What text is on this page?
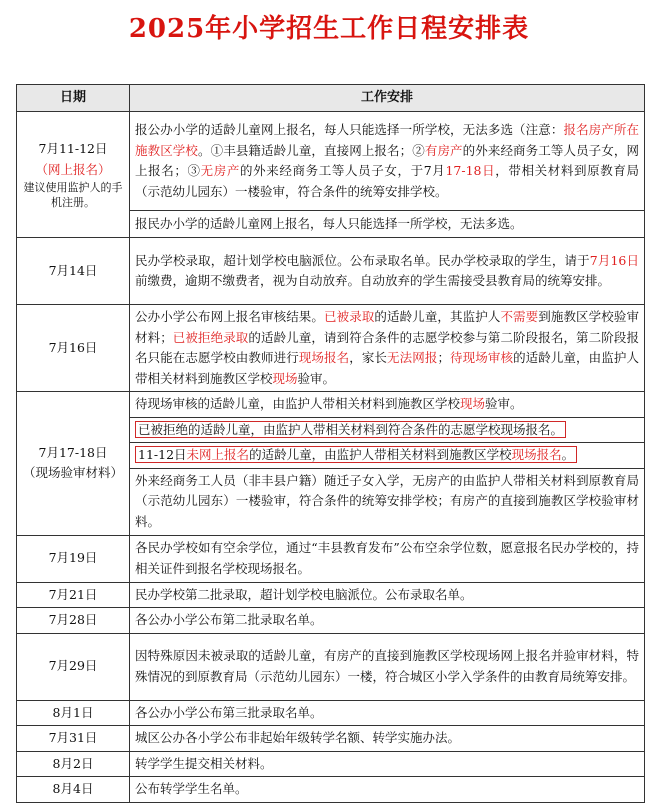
2025年小学招生工作日程安排表
日期	工作安排

7月11-12日
（网上报名）
建议使用监护人的手机注册。	报公办小学的适龄儿童网上报名，每人只能选择一所学校，无法多选（注意：报名房产所在施教区学校。①丰县籍适龄儿童，直接网上报名；②有房产的外来经商务工等人员子女，网上报名；③无房产的外来经商务工等人员子女，于7月17-18日，带相关材料到原教育局（示范幼儿园东）一楼验审，符合条件的统筹安排学校。
	报民办小学的适龄儿童网上报名，每人只能选择一所学校，无法多选。
7月14日	民办学校录取，超计划学校电脑派位。公布录取名单。民办学校录取的学生，请于7月16日前缴费，逾期不缴费者，视为自动放弃。自动放弃的学生需接受县教育局的统筹安排。
7月16日	公办小学公布网上报名审核结果。已被录取的适龄儿童，其监护人不需要到施教区学校验审材料；已被拒绝录取的适龄儿童，请到符合条件的志愿学校参与第二阶段报名，第二阶段报名只能在志愿学校由教师进行现场报名，家长无法网报；待现场审核的适龄儿童，由监护人带相关材料到施教区学校现场验审。

7月17-18日
（现场验审材料）	待现场审核的适龄儿童，由监护人带相关材料到施教区学校现场验审。
	已被拒绝的适龄儿童，由监护人带相关材料到符合条件的志愿学校现场报名。
	11-12日未网上报名的适龄儿童，由监护人带相关材料到施教区学校现场报名。
	外来经商务工人员（非丰县户籍）随迁子女入学，无房产的由监护人带相关材料到原教育局（示范幼儿园东）一楼验审，符合条件的统筹安排学校；有房产的直接到施教区学校验审材料。
7月19日	各民办学校如有空余学位，通过“丰县教育发布”公布空余学位数，愿意报名民办学校的，持相关证件到报名学校现场报名。
7月21日	民办学校第二批录取，超计划学校电脑派位。公布录取名单。
7月28日	各公办小学公布第二批录取名单。
7月29日	因特殊原因未被录取的适龄儿童，有房产的直接到施教区学校现场网上报名并验审材料，特殊情况的到原教育局（示范幼儿园东）一楼，符合城区小学入学条件的由教育局统筹安排。
8月1日	各公办小学公布第三批录取名单。
7月31日	城区公办各小学公布非起始年级转学名额、转学实施办法。
8月2日	转学学生提交相关材料。
8月4日	公布转学学生名单。
